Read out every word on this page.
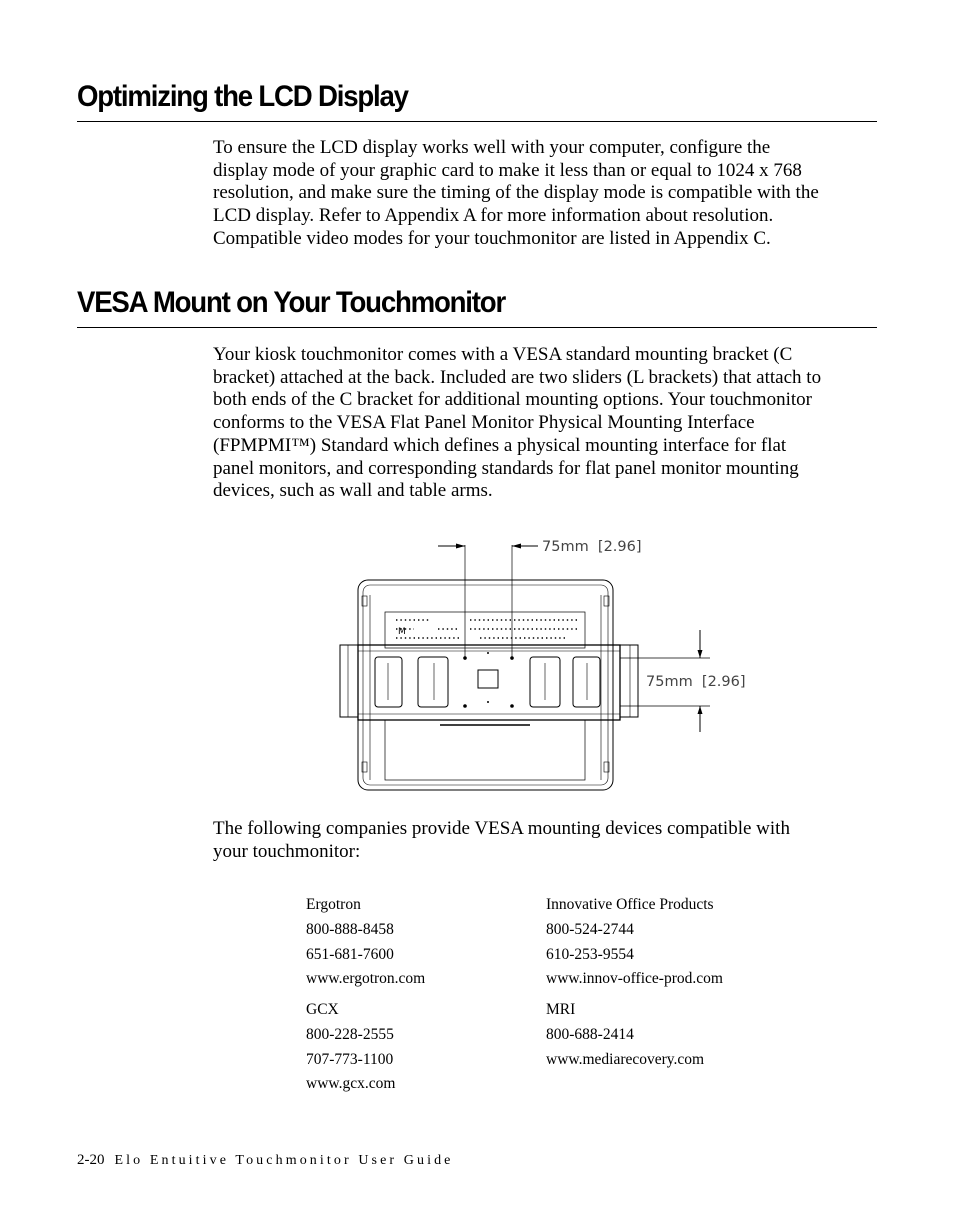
Optimizing the LCD Display

To ensure the LCD display works well with your computer, configure the

display mode of your graphic card to make it less than or equal to 1024 x 768

resolution, and make sure the timing of the display mode is compatible with the

LCD display. Refer to Appendix A for more information about resolution.

Compatible video modes for your touchmonitor are listed in Appendix C.

VESA Mount on Your Touchmonitor

Your kiosk touchmonitor comes with a VESA standard mounting bracket (C

bracket) attached at the back. Included are two sliders (L brackets) that attach to

both ends of the C bracket for additional mounting options. Your touchmonitor

conforms to the VESA Flat Panel Monitor Physical Mounting Interface

(FPMPMI™) Standard which defines a physical mounting interface for flat

panel monitors, and corresponding standards for flat panel monitor mounting

devices, such as wall and table arms.

M
75mm  [2.96]
75mm  [2.96]

The following companies provide VESA mounting devices compatible with

your touchmonitor:

Ergotron
800-888-8458
651-681-7600
www.ergotron.com
Innovative Office Products
800-524-2744
610-253-9554
www.innov-office-prod.com
GCX
800-228-2555
707-773-1100
www.gcx.com
MRI
800-688-2414
www.mediarecovery.com
2-20 Elo Entuitive Touchmonitor User Guide
